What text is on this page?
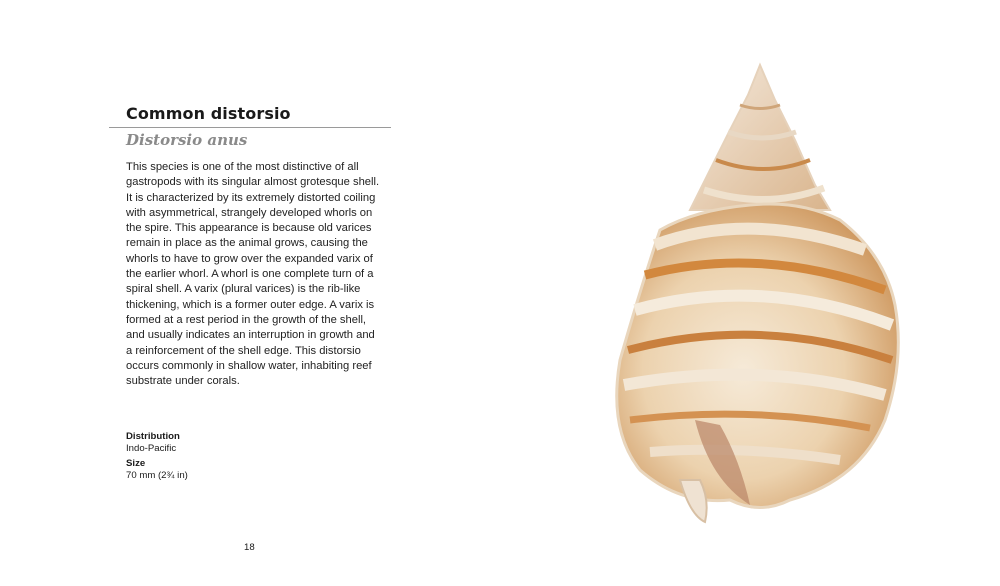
Common distorsio
Distorsio anus

This species is one of the most distinctive of all gastropods with its singular almost grotesque shell. It is characterized by its extremely distorted coiling with asymmetrical, strangely developed whorls on the spire. This appearance is because old varices remain in place as the animal grows, causing the whorls to have to grow over the expanded varix of the earlier whorl. A whorl is one complete turn of a spiral shell. A varix (plural varices) is the rib-like thickening, which is a former outer edge. A varix is formed at a rest period in the growth of the shell, and usually indicates an interruption in growth and a reinforcement of the shell edge. This distorsio occurs commonly in shallow water, inhabiting reef substrate under corals.

Distribution

Indo-Pacific

Size

70 mm (2¾ in)

18
